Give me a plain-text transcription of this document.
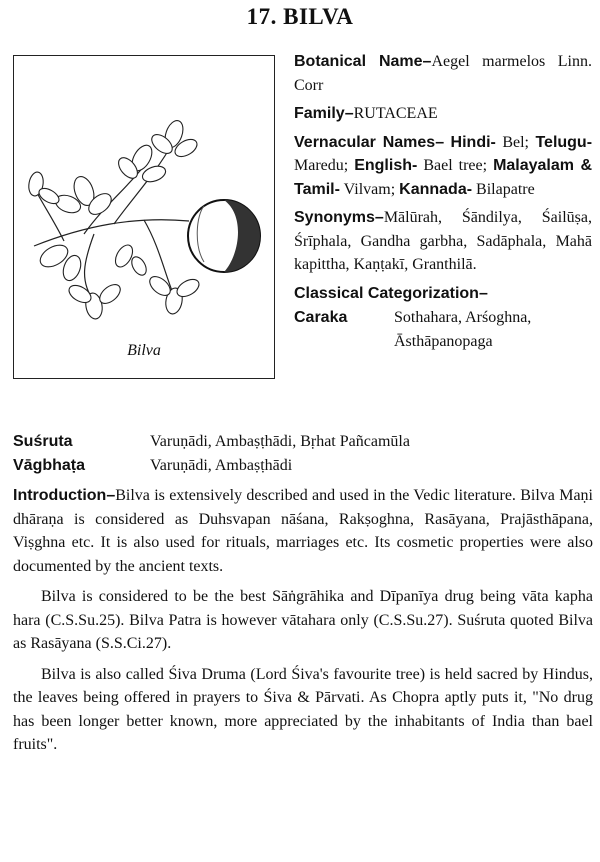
17. BILVA
Bilva

Botanical Name–Aegel marmelos Linn. Corr

Family–RUTACEAE

Vernacular Names– Hindi- Bel; Telugu- Maredu; English- Bael tree; Malayalam & Tamil- Vilvam; Kannada- Bilapatre

Synonyms–Mālūrah, Śāndilya, Śailūṣa, Śrīphala, Gandha garbha, Sadāphala, Mahā kapittha, Kaṇṭakī, Granthilā.

Classical Categorization–

Caraka	Sothahara, Arśoghna, Āsthāpanopaga
Suśruta	Varuṇādi, Ambaṣṭhādi, Bṛhat Pañcamūla
Vāgbhaṭa	Varuṇādi, Ambaṣṭhādi

Introduction–Bilva is extensively described and used in the Vedic literature. Bilva Maṇi dhāraṇa is considered as Duhsvapan nāśana, Rakṣoghna, Rasāyana, Prajāsthāpana, Viṣghna etc. It is also used for rituals, marriages etc. Its cosmetic properties were also documented by the ancient texts.

Bilva is considered to be the best Sāṅgrāhika and Dīpanīya drug being vāta kapha hara (C.S.Su.25). Bilva Patra is however vātahara only (C.S.Su.27). Suśruta quoted Bilva as Rasāyana (S.S.Ci.27).

Bilva is also called Śiva Druma (Lord Śiva's favourite tree) is held sacred by Hindus, the leaves being offered in prayers to Śiva & Pārvati. As Chopra aptly puts it, "No drug has been longer better known, more appreciated by the inhabitants of India than bael fruits".
